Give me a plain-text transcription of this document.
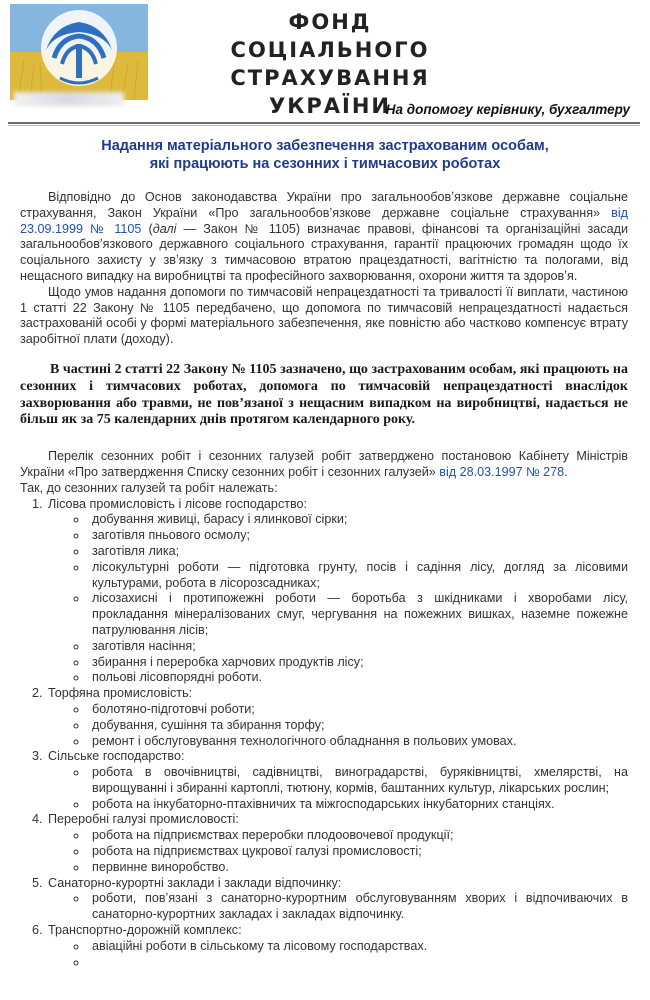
ФОНД
СОЦІАЛЬНОГО СТРАХУВАННЯ
УКРАЇНИ
На допомогу керівнику, бухгалтеру
Надання матеріального забезпечення застрахованим особам,
які працюють на сезонних і тимчасових роботах

Відповідно до Основ законодавства України про загальнообовʼязкове державне соціальне страхування, Закон України «Про загальнообовʼязкове державне соціальне страхування» від 23.09.1999 № 1105 (далі — Закон № 1105) визначає правові, фінансові та організаційні засади загальнообовʼязкового державного соціального страхування, гарантії працюючих громадян щодо їх соціального захисту у звʼязку з тимчасовою втратою працездатності, вагітністю та пологами, від нещасного випадку на виробництві та професійного захворювання, охорони життя та здоровʼя.

Щодо умов надання допомоги по тимчасовій непрацездатності та тривалості її виплати, частиною 1 статті 22 Закону № 1105 передбачено, що допомога по тимчасовій непрацездатності надається застрахованій особі у формі матеріального забезпечення, яке повністю або частково компенсує втрату заробітної плати (доходу).

В частині 2 статті 22 Закону № 1105 зазначено, що застрахованим особам, які працюють на сезонних і тимчасових роботах, допомога по тимчасовій непрацездатності внаслідок захворювання або травми, не повʼязаної з нещасним випадком на виробництві, надається не більш як за 75 календарних днів протягом календарного року.

Перелік сезонних робіт і сезонних галузей робіт затверджено постановою Кабінету Міністрів України «Про затвердження Списку сезонних робіт і сезонних галузей» від 28.03.1997 № 278.

Так, до сезонних галузей та робіт належать:

1. Лісова промисловість і лісове господарство:
◦ добування живиці, барасу і ялинкової сірки;
◦ заготівля пньового осмолу;
◦ заготівля лика;
◦ лісокультурні роботи — підготовка грунту, посів і садіння лісу, догляд за лісовими культурами, робота в лісорозсадниках;
◦ лісозахисні і протипожежні роботи — боротьба з шкідниками і хворобами лісу, прокладання мінералізованих смуг, чергування на пожежних вишках, наземне пожежне патрулювання лісів;
◦ заготівля насіння;
◦ збирання і переробка харчових продуктів лісу;
◦ польові лісовпорядні роботи.
2. Торфяна промисловість:
◦ болотяно-підготовчі роботи;
◦ добування, сушіння та збирання торфу;
◦ ремонт і обслуговування технологічного обладнання в польових умовах.
3. Сільське господарство:
◦ робота в овочівництві, садівництві, виноградарстві, буряківництві, хмелярстві, на вирощуванні і збиранні картоплі, тютюну, кормів, баштанних культур, лікарських рослин;
◦ робота на інкубаторно-птахівничих та міжгосподарських інкубаторних станціях.
4. Переробні галузі промисловості:
◦ робота на підприємствах переробки плодоовочевої продукції;
◦ робота на підприємствах цукрової галузі промисловості;
◦ первинне виноробство.
5. Санаторно-курортні заклади і заклади відпочинку:
◦ роботи, повʼязані з санаторно-курортним обслуговуванням хворих і відпочиваючих в санаторно-курортних закладах і закладах відпочинку.
6. Транспортно-дорожній комплекс:
◦ авіаційні роботи в сільському та лісовому господарствах.
◦
